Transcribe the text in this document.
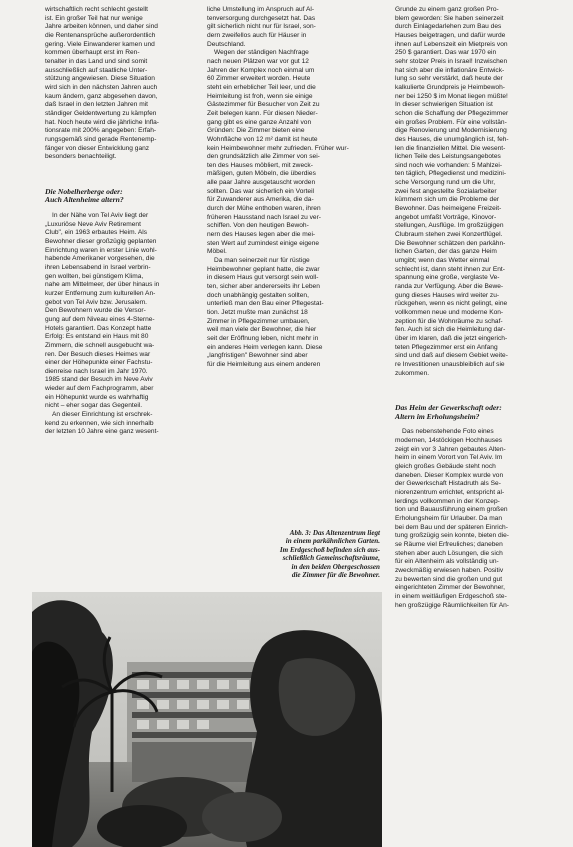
wirtschaftlich recht schlecht gestellt
ist. Ein großer Teil hat nur wenige
Jahre arbeiten können, und daher sind
die Rentenansprüche außerordentlich
gering. Viele Einwanderer kamen und
kommen überhaupt erst im Ren-
tenalter in das Land und sind somit
ausschließlich auf staatliche Unter-
stützung angewiesen. Diese Situation
wird sich in den nächsten Jahren auch
kaum ändern, ganz abgesehen davon,
daß Israel in den letzten Jahren mit
ständiger Geldentwertung zu kämpfen
hat. Noch heute wird die jährliche Infla-
tionsrate mit 200% angegeben: Erfah-
rungsgemäß sind gerade Rentenemp-
fänger von dieser Entwicklung ganz
besonders benachteiligt.

Die Nobelherberge oder:
Auch Altenheime altern?

In der Nähe von Tel Aviv liegt der
„Luxuriöse Neve Aviv Retirement
Club", ein 1963 erbautes Heim. Als
Bewohner dieser großzügig geplanten
Einrichtung waren in erster Linie wohl-
habende Amerikaner vorgesehen, die
ihren Lebensabend in Israel verbrin-
gen wollten, bei günstigem Klima,
nahe am Mittelmeer, der über hinaus in
kurzer Entfernung zum kulturellen An-
gebot von Tel Aviv bzw. Jerusalem.
Den Bewohnern wurde die Versor-
gung auf dem Niveau eines 4-Sterne-
Hotels garantiert. Das Konzept hatte
Erfolg: Es entstand ein Haus mit 80
Zimmern, die schnell ausgebucht wa-
ren. Der Besuch dieses Heimes war
einer der Höhepunkte einer Fachstu-
dienreise nach Israel im Jahr 1970.
1985 stand der Besuch im Neve Aviv
wieder auf dem Fachprogramm, aber
ein Höhepunkt wurde es wahrhaftig
nicht – eher sogar das Gegenteil.

An dieser Einrichtung ist erschrek-
kend zu erkennen, wie sich innerhalb
der letzten 10 Jahre eine ganz wesent-

liche Umstellung im Anspruch auf Al-
tenversorgung durchgesetzt hat. Das
gilt sicherlich nicht nur für Israel, son-
dern zweifellos auch für Häuser in
Deutschland.

Wegen der ständigen Nachfrage
nach neuen Plätzen war vor gut 12
Jahren der Komplex noch einmal um
60 Zimmer erweitert worden. Heute
steht ein erheblicher Teil leer, und die
Heimleitung ist froh, wenn sie einige
Gästezimmer für Besucher von Zeit zu
Zeit belegen kann. Für diesen Nieder-
gang gibt es eine ganze Anzahl von
Gründen: Die Zimmer bieten eine
Wohnfläche von 12 m² damit ist heute
kein Heimbewohner mehr zufrieden. Früher wur-
den grundsätzlich alle Zimmer von sei-
ten des Hauses möbliert, mit zweck-
mäßigen, guten Möbeln, die überdies
alle paar Jahre ausgetauscht worden
sollten. Das war sicherlich ein Vorteil
für Zuwanderer aus Amerika, die da-
durch der Mühe enthoben waren, ihren
früheren Hausstand nach Israel zu ver-
schiffen. Von den heutigen Bewoh-
nern des Hauses legen aber die mei-
sten Wert auf zumindest einige eigene
Möbel.

Da man seinerzeit nur für rüstige
Heimbewohner geplant hatte, die zwar
in diesem Haus gut versorgt sein woll-
ten, sicher aber andererseits ihr Leben
doch unabhängig gestalten sollten,
unterließ man den Bau einer Pflegestat-
tion. Jetzt mußte man zunächst 18
Zimmer in Pflegezimmer umbauen,
weil man viele der Bewohner, die hier
seit der Eröffnung leben, nicht mehr in
ein anderes Heim verlegen kann. Diese
„langfristigen" Bewohner sind aber
für die Heimleitung aus einem anderen

Abb. 3: Das Altenzentrum liegt
in einem parkähnlichen Garten.
Im Erdgeschoß befinden sich aus-
schließlich Gemeinschaftsräume,
in den beiden Obergeschossen
die Zimmer für die Bewohner.

Grunde zu einem ganz großen Pro-
blem geworden: Sie haben seinerzeit
durch Einlagedarlehen zum Bau des
Hauses beigetragen, und dafür wurde
ihnen auf Lebenszeit ein Mietpreis von
250 $ garantiert. Das war 1970 ein
sehr stolzer Preis in Israel! Inzwischen
hat sich aber die inflationäre Entwick-
lung so sehr verstärkt, daß heute der
kalkulierte Grundpreis je Heimbewoh-
ner bei 1250 $ im Monat liegen müßte!
In dieser schwierigen Situation ist
schon die Schaffung der Pflegezimmer
ein großes Problem. Für eine vollstän-
dige Renovierung und Modernisierung
des Hauses, die unumgänglich ist, feh-
len die finanziellen Mittel. Die wesent-
lichen Teile des Leistungsangebotes
sind noch wie vorhanden: 5 Mahlzei-
ten täglich, Pflegedienst und medizini-
sche Versorgung rund um die Uhr,
zwei fest angestellte Sozialarbeiter
kümmern sich um die Probleme der
Bewohner. Das heimeigene Freizeit-
angebot umfaßt Vorträge, Kinovor-
stellungen, Ausflüge. Im großzügigen
Clubraum stehen zwei Konzertflügel.
Die Bewohner schätzen den parkähn-
lichen Garten, der das ganze Heim
umgibt; wenn das Wetter einmal
schlecht ist, dann steht ihnen zur Ent-
spannung eine große, verglaste Ve-
randa zur Verfügung. Aber die Bewe-
gung dieses Hauses wird weiter zu-
rückgehen, wenn es nicht gelingt, eine
vollkommen neue und moderne Kon-
zeption für die Wohnräume zu schaf-
fen. Auch ist sich die Heimleitung dar-
über im klaren, daß die jetzt eingerich-
teten Pflegezimmer erst ein Anfang
sind und daß auf diesem Gebiet weite-
re Investitionen unausbleiblich auf sie
zukommen.

Das Heim der Gewerkschaft oder:
Altern im Erholungsheim?

Das nebenstehende Foto eines
modernen, 14stöckigen Hochhauses
zeigt ein vor 3 Jahren gebautes Alten-
heim in einem Vorort von Tel Aviv. Im
gleich großes Gebäude steht noch
daneben. Dieser Komplex wurde von
der Gewerkschaft Histadruth als Se-
niorenzentrum errichtet, entspricht al-
lerdings vollkommen in der Konzep-
tion und Bauausführung einem großen
Erholungsheim für Urlauber. Da man
bei dem Bau und der späteren Einrich-
tung großzügig sein konnte, bieten die-
se Räume viel Erfreuliches; daneben
stehen aber auch Lösungen, die sich
für ein Altenheim als vollständig un-
zweckmäßig erwiesen haben. Positiv
zu bewerten sind die großen und gut
eingerichteten Zimmer der Bewohner,
in einem weitläufigen Erdgeschoß ste-
hen großzügige Räumlichkeiten für An-
